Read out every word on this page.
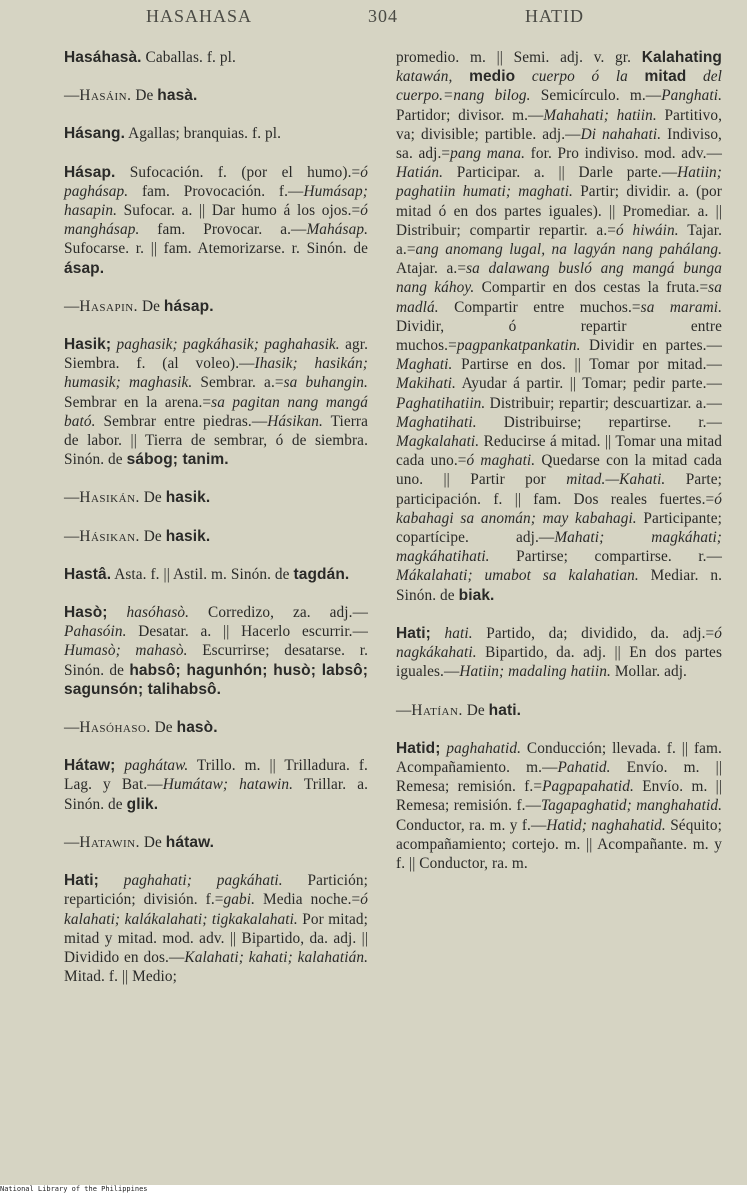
HASAHASA	304	HATID

Hasáhasà. Caballas. f. pl.

—Hasáin. De hasà.

Hásang. Agallas; branquias. f. pl.

Hásap. Sufocación. f. (por el humo).=ó paghásap. fam. Provocación. f.—Humásap; hasapin. Sufocar. a. || Dar humo á los ojos.=ó manghásap. fam. Provocar. a.—Mahásap. Sufocarse. r. || fam. Atemorizarse. r. Sinón. de ásap.

—Hasapin. De hásap.

Hasik; paghasik; pagkáhasik; paghahasik. agr. Siembra. f. (al voleo).—Ihasik; hasikán; humasik; maghasik. Sembrar. a.=sa buhangin. Sembrar en la arena.=sa pagitan nang mangá bató. Sembrar entre piedras.—Hásikan. Tierra de labor. || Tierra de sembrar, ó de siembra. Sinón. de sábog; tanim.

—Hasikán. De hasik.

—Hásikan. De hasik.

Hastâ. Asta. f. || Astil. m. Sinón. de tagdán.

Hasò; hasóhasò. Corredizo, za. adj.—Pahasóin. Desatar. a. || Hacerlo escurrir.—Humasò; mahasò. Escurrirse; desatarse. r. Sinón. de habsô; hagunhón; husò; labsô; sagunsón; talihabsô.

—Hasóhaso. De hasò.

Hátaw; paghátaw. Trillo. m. || Trilladura. f. Lag. y Bat.—Humátaw; hatawin. Trillar. a. Sinón. de glik.

—Hatawin. De hátaw.

Hati; paghahati; pagkáhati. Partición; repartición; división. f.=gabi. Media noche.=ó kalahati; kalákalahati; tigkakalahati. Por mitad; mitad y mitad. mod. adv. || Bipartido, da. adj. || Dividido en dos.—Kalahati; kahati; kalahatián. Mitad. f. || Medio;

promedio. m. || Semi. adj. v. gr. Kalahating katawán, medio cuerpo ó la mitad del cuerpo.=nang bilog. Semicírculo. m.—Panghati. Partidor; divisor. m.—Mahahati; hatiin. Partitivo, va; divisible; partible. adj.—Di nahahati. Indiviso, sa. adj.=pang mana. for. Pro indiviso. mod. adv.—Hatián. Participar. a. || Darle parte.—Hatiin; paghatiin humati; maghati. Partir; dividir. a. (por mitad ó en dos partes iguales). || Promediar. a. || Distribuir; compartir repartir. a.=ó hiwáin. Tajar. a.=ang anomang lugal, na lagyán nang pahálang. Atajar. a.=sa dalawang busló ang mangá bunga nang káhoy. Compartir en dos cestas la fruta.=sa madlá. Compartir entre muchos.=sa marami. Dividir, ó repartir entre muchos.=pagpankatpankatin. Dividir en partes.—Maghati. Partirse en dos. || Tomar por mitad.—Makihati. Ayudar á partir. || Tomar; pedir parte.—Paghatihatiin. Distribuir; repartir; descuartizar. a.—Maghatihati. Distribuirse; repartirse. r.—Magkalahati. Reducirse á mitad. || Tomar una mitad cada uno.=ó maghati. Quedarse con la mitad cada uno. || Partir por mitad.—Kahati. Parte; participación. f. || fam. Dos reales fuertes.=ó kabahagi sa anomán; may kabahagi. Participante; copartícipe. adj.—Mahati; magkáhati; magkáhatihati. Partirse; compartirse. r.—Mákalahati; umabot sa kalahatian. Mediar. n. Sinón. de biak.

Hati; hati. Partido, da; dividido, da. adj.=ó nagkákahati. Bipartido, da. adj. || En dos partes iguales.—Hatiin; madaling hatiin. Mollar. adj.

—Hatían. De hati.

Hatid; paghahatid. Conducción; llevada. f. || fam. Acompañamiento. m.—Pahatid. Envío. m. || Remesa; remisión. f.=Pagpapahatid. Envío. m. || Remesa; remisión. f.—Tagapaghatid; manghahatid. Conductor, ra. m. y f.—Hatid; naghahatid. Séquito; acompañamiento; cortejo. m. || Acompañante. m. y f. || Conductor, ra. m.

National Library of the Philippines
